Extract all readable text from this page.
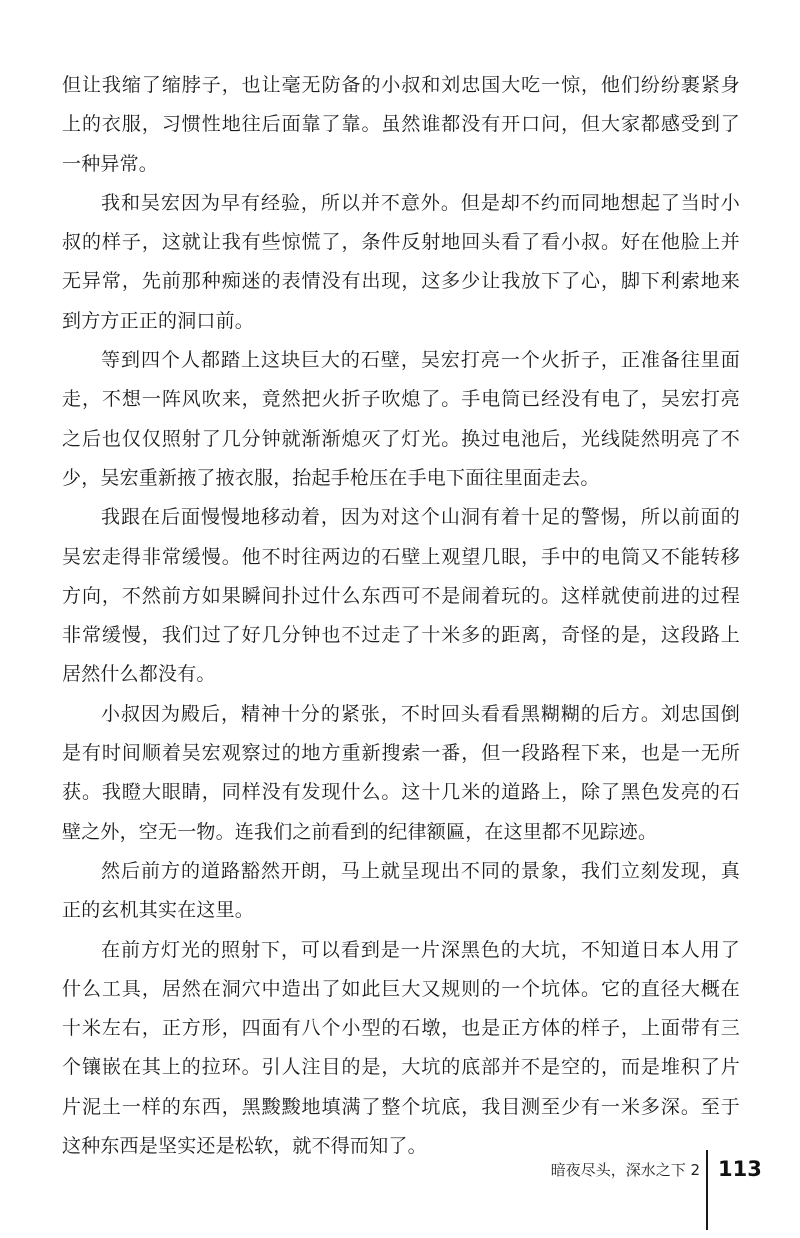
但让我缩了缩脖子，也让毫无防备的小叔和刘忠国大吃一惊，他们纷纷裹紧身
上的衣服，习惯性地往后面靠了靠。虽然谁都没有开口问，但大家都感受到了
一种异常。
我和吴宏因为早有经验，所以并不意外。但是却不约而同地想起了当时小
叔的样子，这就让我有些惊慌了，条件反射地回头看了看小叔。好在他脸上并
无异常，先前那种痴迷的表情没有出现，这多少让我放下了心，脚下利索地来
到方方正正的洞口前。
等到四个人都踏上这块巨大的石壁，吴宏打亮一个火折子，正准备往里面
走，不想一阵风吹来，竟然把火折子吹熄了。手电筒已经没有电了，吴宏打亮
之后也仅仅照射了几分钟就渐渐熄灭了灯光。换过电池后，光线陡然明亮了不
少，吴宏重新掖了掖衣服，抬起手枪压在手电下面往里面走去。
我跟在后面慢慢地移动着，因为对这个山洞有着十足的警惕，所以前面的
吴宏走得非常缓慢。他不时往两边的石壁上观望几眼，手中的电筒又不能转移
方向，不然前方如果瞬间扑过什么东西可不是闹着玩的。这样就使前进的过程
非常缓慢，我们过了好几分钟也不过走了十米多的距离，奇怪的是，这段路上
居然什么都没有。
小叔因为殿后，精神十分的紧张，不时回头看看黑糊糊的后方。刘忠国倒
是有时间顺着吴宏观察过的地方重新搜索一番，但一段路程下来，也是一无所
获。我瞪大眼睛，同样没有发现什么。这十几米的道路上，除了黑色发亮的石
壁之外，空无一物。连我们之前看到的纪律额匾，在这里都不见踪迹。
然后前方的道路豁然开朗，马上就呈现出不同的景象，我们立刻发现，真
正的玄机其实在这里。
在前方灯光的照射下，可以看到是一片深黑色的大坑，不知道日本人用了
什么工具，居然在洞穴中造出了如此巨大又规则的一个坑体。它的直径大概在
十米左右，正方形，四面有八个小型的石墩，也是正方体的样子，上面带有三
个镶嵌在其上的拉环。引人注目的是，大坑的底部并不是空的，而是堆积了片
片泥土一样的东西，黑黢黢地填满了整个坑底，我目测至少有一米多深。至于
这种东西是坚实还是松软，就不得而知了。
暗夜尽头，深水之下 2 113
